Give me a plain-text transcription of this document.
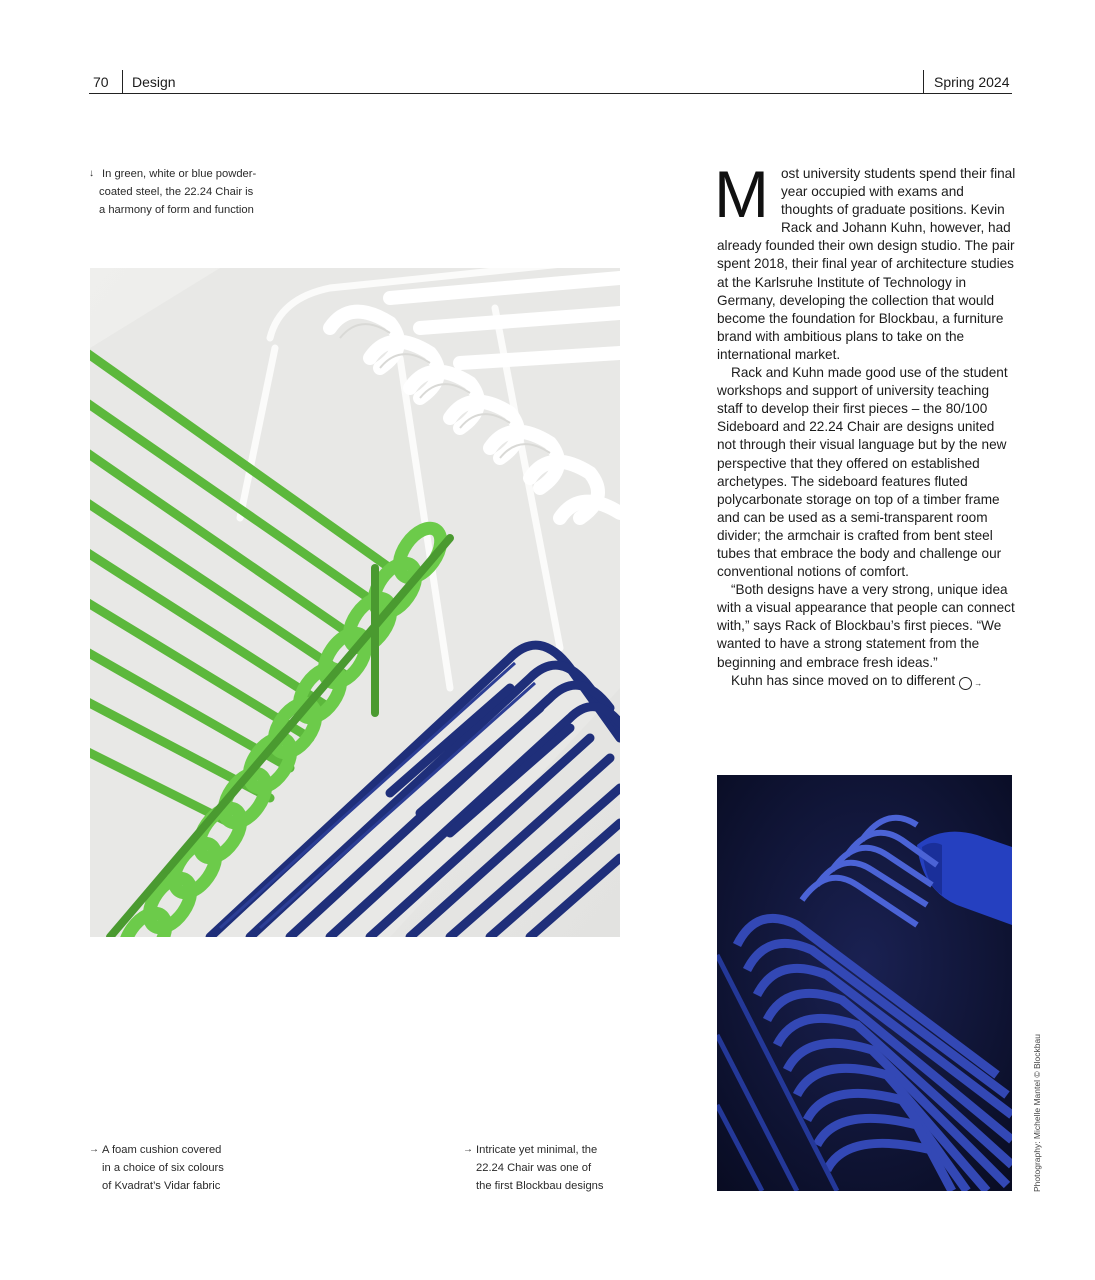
70 Design	Spring 2024
↓ In green, white or blue powder-
coated steel, the 22.24 Chair is
a harmony of form and function	M ost university students spend their final year occupied with exams and thoughts of graduate positions. Kevin Rack and Johann Kuhn, however, had already founded their own design studio. The pair spent 2018, their final year of architecture studies at the Karlsruhe Institute of Technology in Germany, developing the collection that would become the foundation for Blockbau, a furniture brand with ambitious plans to take on the international market.

Rack and Kuhn made good use of the student workshops and support of university teaching staff to develop their first pieces – the 80/100 Sideboard and 22.24 Chair are designs united not through their visual language but by the new perspective that they offered on established archetypes. The sideboard features fluted polycarbonate storage on top of a timber frame and can be used as a semi-transparent room divider; the armchair is crafted from bent steel tubes that embrace the body and challenge our conventional notions of comfort.

“Both designs have a very strong, unique idea with a visual appearance that people can connect with,” says Rack of Blockbau’s first pieces. “We wanted to have a strong statement from the beginning and embrace fresh ideas.”

Kuhn has since moved on to different →

→ A foam cushion covered
in a choice of six colours
of Kvadrat’s Vidar fabric
→ Intricate yet minimal, the
22.24 Chair was one of
the first Blockbau designs	Photography: Michelle Mantel © Blockbau
